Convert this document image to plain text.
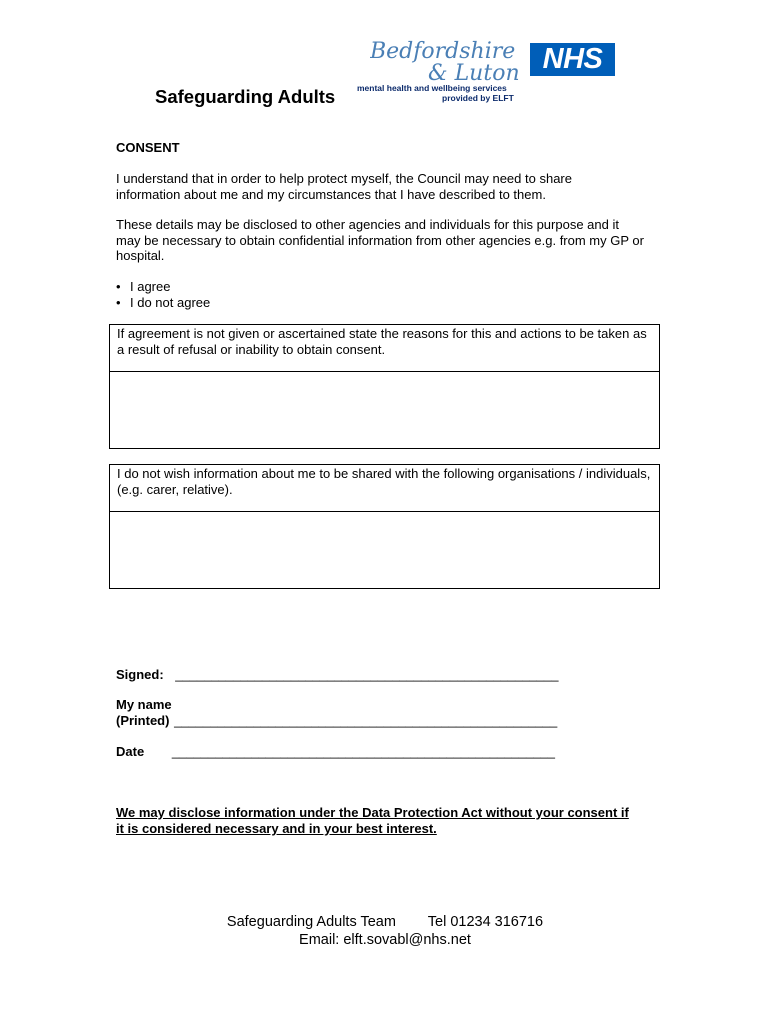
Safeguarding Adults
Bedfordshire
& Luton
mental health and wellbeing services
provided by ELFT
NHS
CONSENT
I understand that in order to help protect myself, the Council may need to share information about me and my circumstances that I have described to them.
These details may be disclosed to other agencies and individuals for this purpose and it may be necessary to obtain confidential information from other agencies e.g. from my GP or hospital.
• I agree
• I do not agree
If agreement is not given or ascertained state the reasons for this and actions to be taken as a result of refusal or inability to obtain consent.
I do not wish information about me to be shared with the following organisations / individuals, (e.g. carer, relative).
Signed: _____________________________________________________
My name
(Printed) _____________________________________________________
Date _____________________________________________________
We may disclose information under the Data Protection Act without your consent if it is considered necessary and in your best interest.
Safeguarding Adults Team Tel 01234 316716
Email: elft.sovabl@nhs.net
